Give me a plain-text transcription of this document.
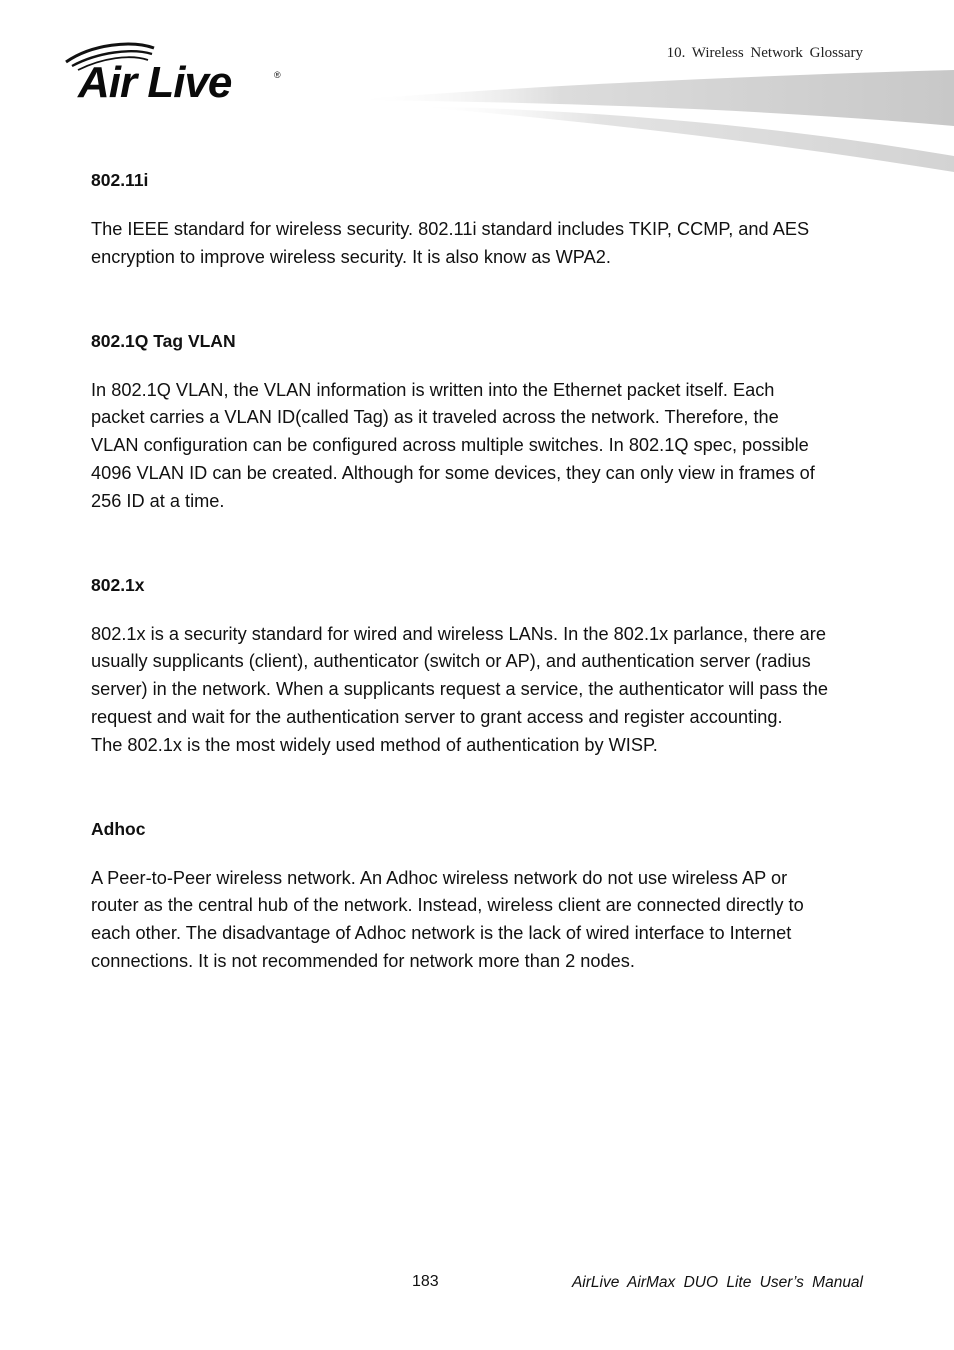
Air Live	®
10. Wireless Network Glossary

802.11i

The IEEE standard for wireless security. 802.11i standard includes TKIP, CCMP, and AES
encryption to improve wireless security. It is also know as WPA2.

802.1Q Tag VLAN

In 802.1Q VLAN, the VLAN information is written into the Ethernet packet itself. Each
packet carries a VLAN ID(called Tag) as it traveled across the network. Therefore, the
VLAN configuration can be configured across multiple switches. In 802.1Q spec, possible
4096 VLAN ID can be created. Although for some devices, they can only view in frames of
256 ID at a time.

802.1x

802.1x is a security standard for wired and wireless LANs. In the 802.1x parlance, there are
usually supplicants (client), authenticator (switch or AP), and authentication server (radius
server) in the network. When a supplicants request a service, the authenticator will pass the
request and wait for the authentication server to grant access and register accounting.
The 802.1x is the most widely used method of authentication by WISP.

Adhoc

A Peer-to-Peer wireless network. An Adhoc wireless network do not use wireless AP or
router as the central hub of the network. Instead, wireless client are connected directly to
each other. The disadvantage of Adhoc network is the lack of wired interface to Internet
connections. It is not recommended for network more than 2 nodes.

183	AirLive AirMax DUO Lite User’s Manual
